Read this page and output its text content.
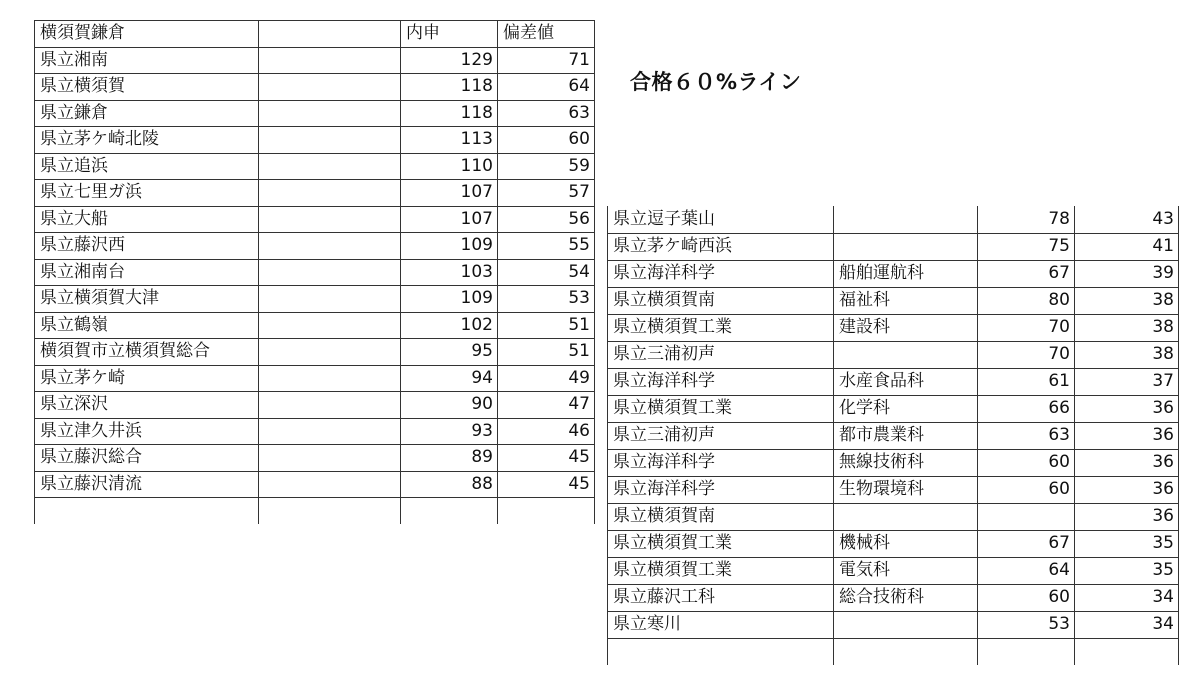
合格６０%ライン
横須賀鎌倉		内申	偏差値
県立湘南		129	71
県立横須賀		118	64
県立鎌倉		118	63
県立茅ケ崎北陵		113	60
県立追浜		110	59
県立七里ガ浜		107	57
県立大船		107	56
県立藤沢西		109	55
県立湘南台		103	54
県立横須賀大津		109	53
県立鶴嶺		102	51
横須賀市立横須賀総合		95	51
県立茅ケ崎		94	49
県立深沢		90	47
県立津久井浜		93	46
県立藤沢総合		89	45
県立藤沢清流		88	45

県立逗子葉山		78	43
県立茅ケ崎西浜		75	41
県立海洋科学	船舶運航科	67	39
県立横須賀南	福祉科	80	38
県立横須賀工業	建設科	70	38
県立三浦初声		70	38
県立海洋科学	水産食品科	61	37
県立横須賀工業	化学科	66	36
県立三浦初声	都市農業科	63	36
県立海洋科学	無線技術科	60	36
県立海洋科学	生物環境科	60	36
県立横須賀南			36
県立横須賀工業	機械科	67	35
県立横須賀工業	電気科	64	35
県立藤沢工科	総合技術科	60	34
県立寒川		53	34
